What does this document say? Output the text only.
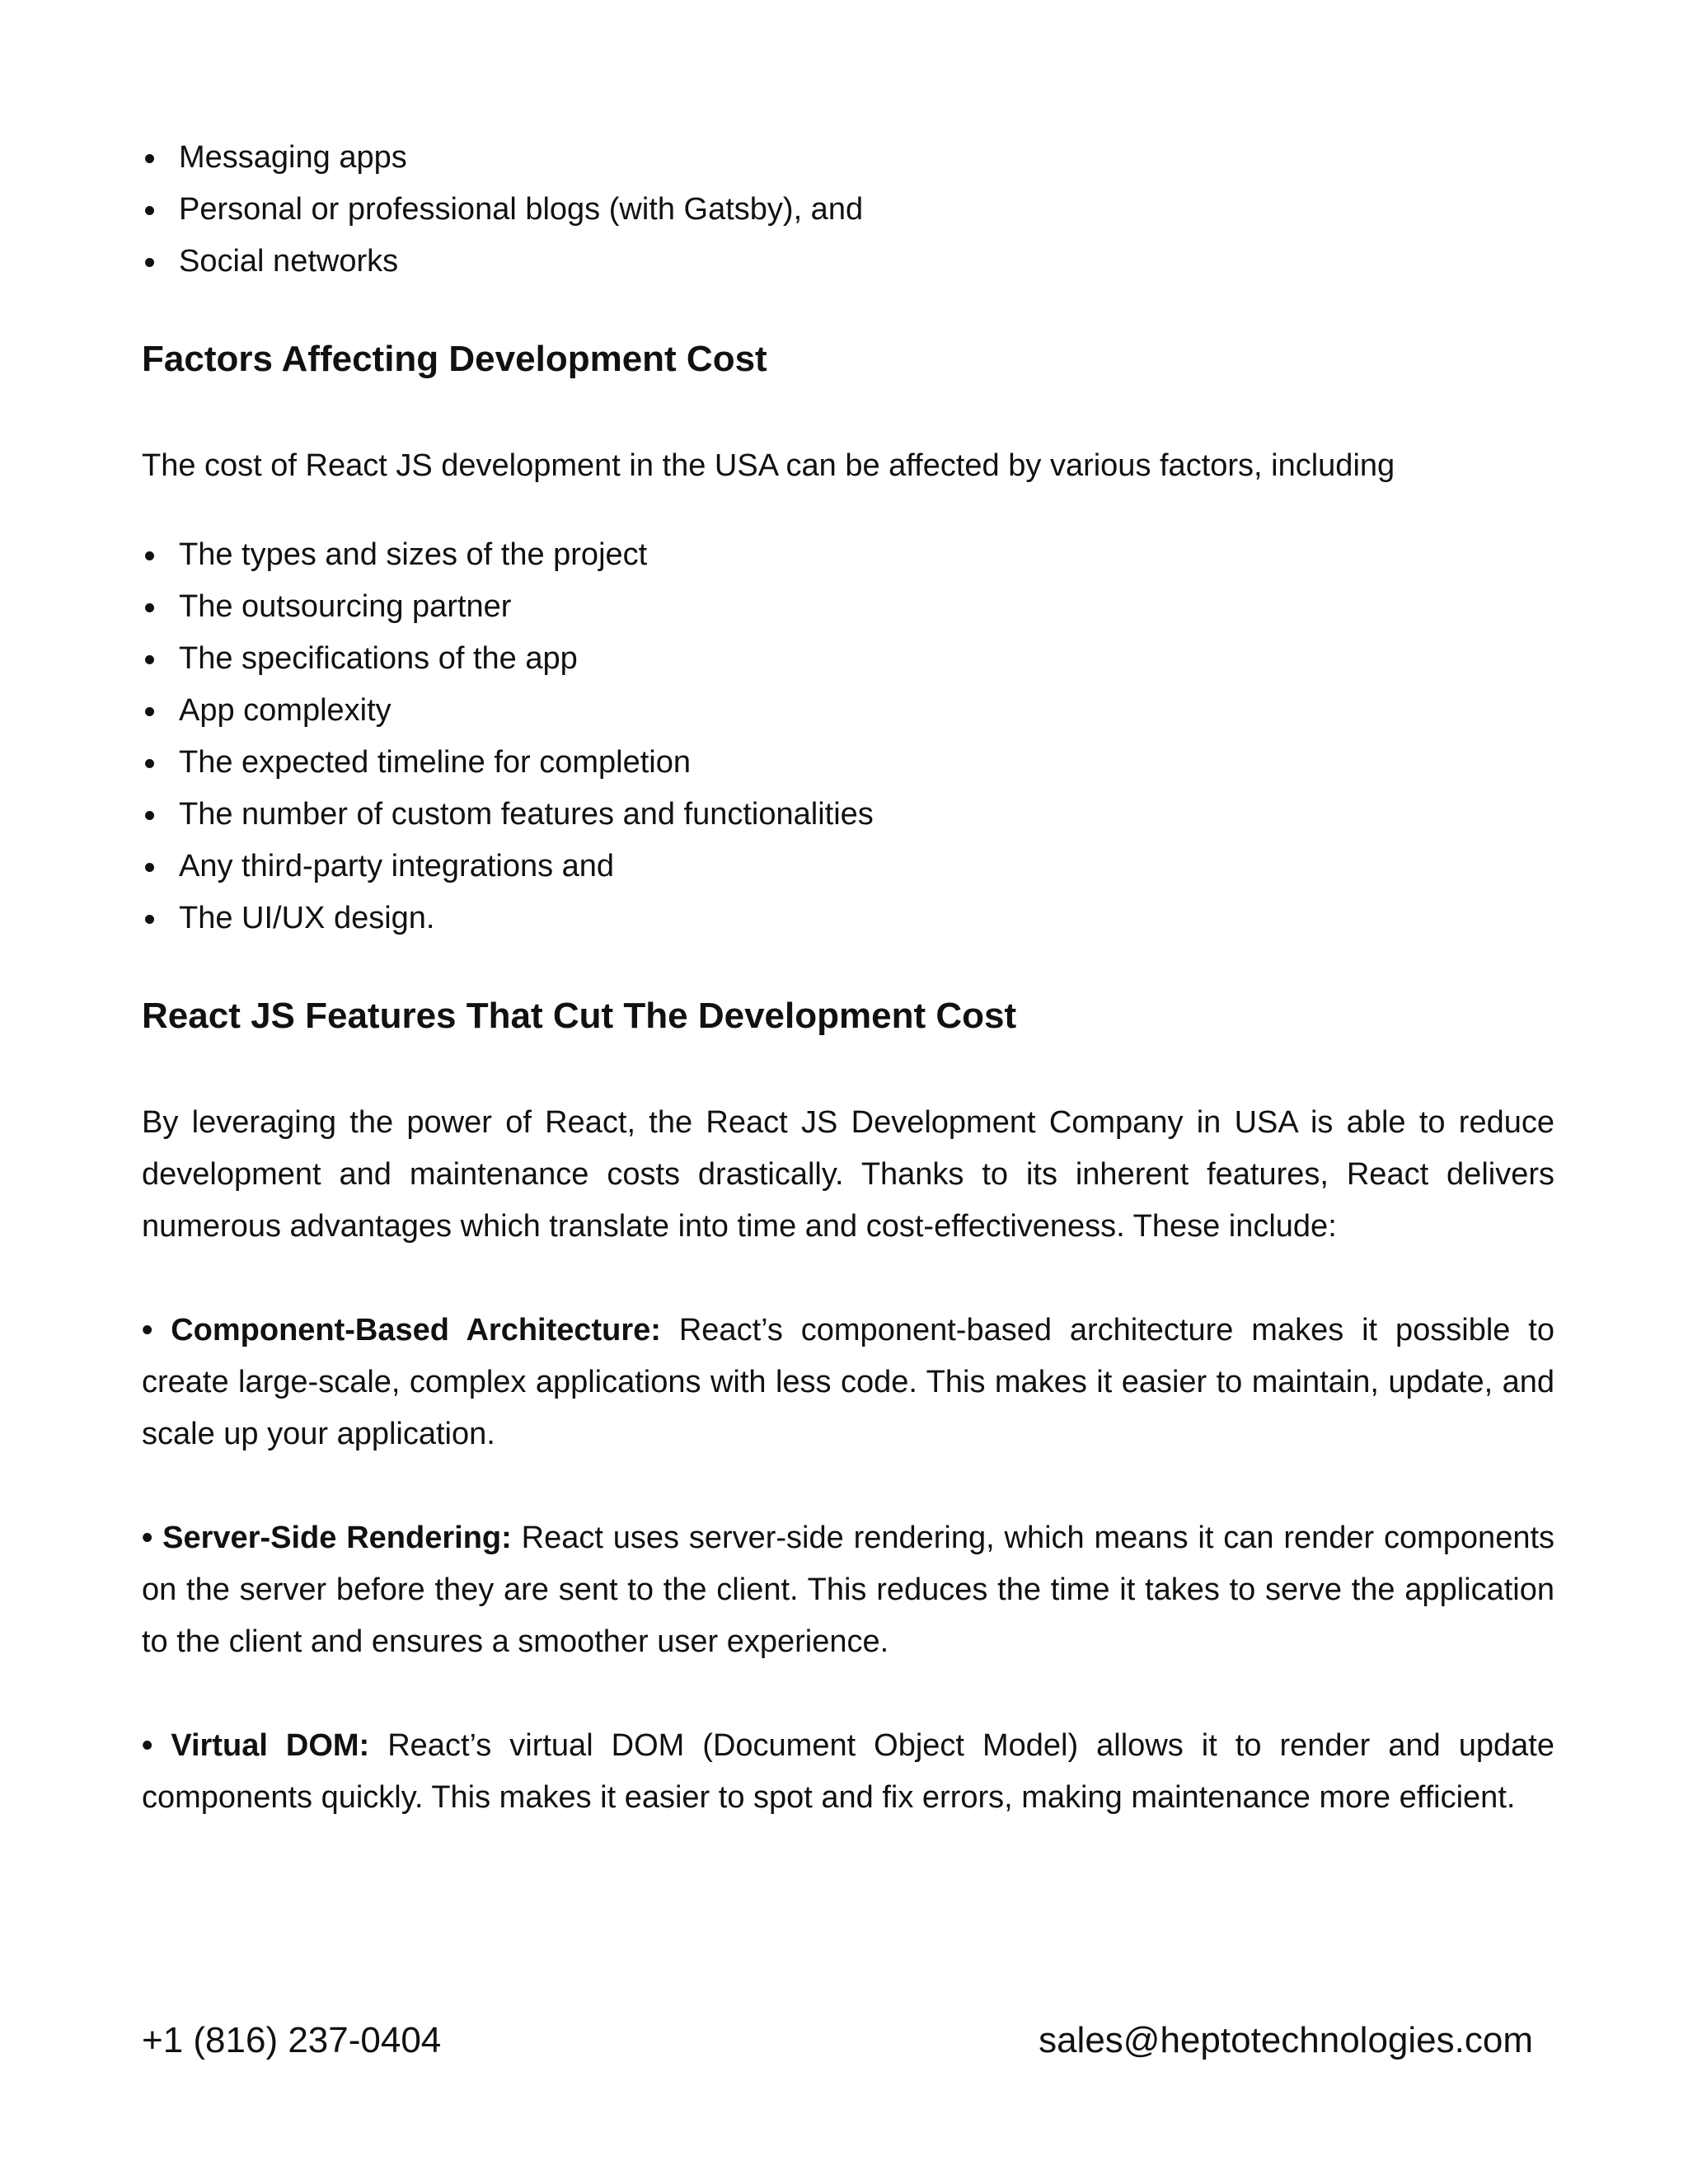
Messaging apps
Personal or professional blogs (with Gatsby), and
Social networks
Factors Affecting Development Cost

The cost of React JS development in the USA can be affected by various factors, including

The types and sizes of the project
The outsourcing partner
The specifications of the app
App complexity
The expected timeline for completion
The number of custom features and functionalities
Any third-party integrations and
The UI/UX design.
React JS Features That Cut The Development Cost

By leveraging the power of React, the React JS Development Company in USA is able to reduce development and maintenance costs drastically. Thanks to its inherent features, React delivers numerous advantages which translate into time and cost-effectiveness. These include:

• Component-Based Architecture: React’s component-based architecture makes it possible to create large-scale, complex applications with less code. This makes it easier to maintain, update, and scale up your application.

• Server-Side Rendering: React uses server-side rendering, which means it can render components on the server before they are sent to the client. This reduces the time it takes to serve the application to the client and ensures a smoother user experience.

• Virtual DOM: React’s virtual DOM (Document Object Model) allows it to render and update components quickly. This makes it easier to spot and fix errors, making maintenance more efficient.

+1 (816) 237-0404	sales@heptotechnologies.com
